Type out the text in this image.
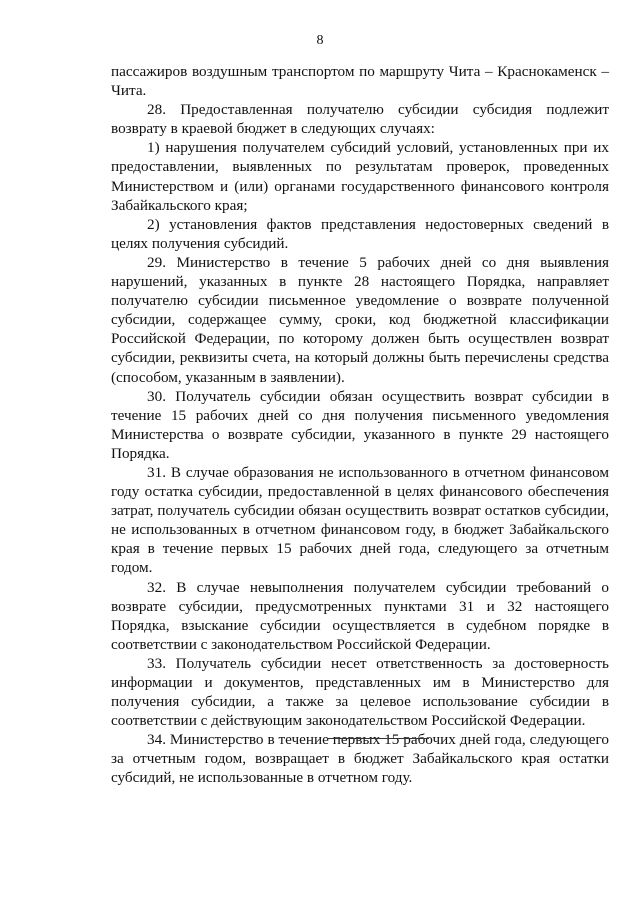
8

пассажиров воздушным транспортом по маршруту Чита – Краснокаменск – Чита.

28. Предоставленная получателю субсидии субсидия подлежит возврату в краевой бюджет в следующих случаях:

1) нарушения получателем субсидий условий, установленных при их предоставлении, выявленных по результатам проверок, проведенных Министерством и (или) органами государственного финансового контроля Забайкальского края;

2) установления фактов представления недостоверных сведений в целях получения субсидий.

29. Министерство в течение 5 рабочих дней со дня выявления нарушений, указанных в пункте 28 настоящего Порядка, направляет получателю субсидии письменное уведомление о возврате полученной субсидии, содержащее сумму, сроки, код бюджетной классификации Российской Федерации, по которому должен быть осуществлен возврат субсидии, реквизиты счета, на который должны быть перечислены средства (способом, указанным в заявлении).

30. Получатель субсидии обязан осуществить возврат субсидии в течение 15 рабочих дней со дня получения письменного уведомления Министерства о возврате субсидии, указанного в пункте 29 настоящего Порядка.

31. В случае образования не использованного в отчетном финансовом году остатка субсидии, предоставленной в целях финансового обеспечения затрат, получатель субсидии обязан осуществить возврат остатков субсидии, не использованных в отчетном финансовом году, в бюджет Забайкальского края в течение первых 15 рабочих дней года, следующего за отчетным годом.

32. В случае невыполнения получателем субсидии требований о возврате субсидии, предусмотренных пунктами 31 и 32 настоящего Порядка, взыскание субсидии осуществляется в судебном порядке в соответствии с законодательством Российской Федерации.

33. Получатель субсидии несет ответственность за достоверность информации и документов, представленных им в Министерство для получения субсидии, а также за целевое использование субсидии в соответствии с действующим законодательством Российской Федерации.

34. Министерство в течение первых 15 рабочих дней года, следующего за отчетным годом, возвращает в бюджет Забайкальского края остатки субсидий, не использованные в отчетном году.
